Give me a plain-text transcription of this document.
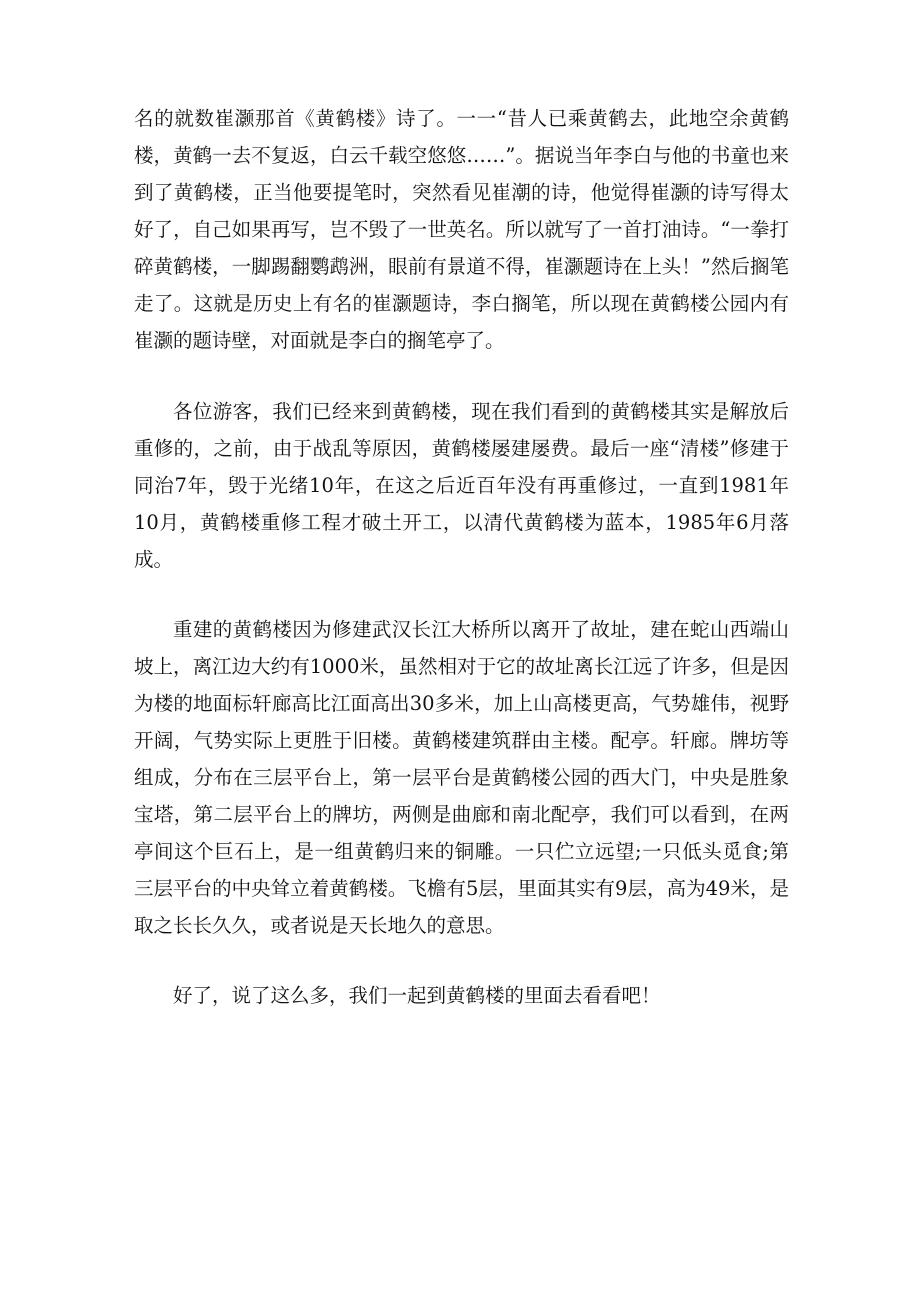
名的就数崔灏那首《黄鹤楼》诗了。一一“昔人已乘黄鹤去，此地空余黄鹤楼，黄鹤一去不复返，白云千载空悠悠……”。据说当年李白与他的书童也来到了黄鹤楼，正当他要提笔时，突然看见崔潮的诗，他觉得崔灏的诗写得太好了，自己如果再写，岂不毁了一世英名。所以就写了一首打油诗。“一拳打碎黄鹤楼，一脚踢翻鹦鹉洲，眼前有景道不得，崔灏题诗在上头！”然后搁笔走了。这就是历史上有名的崔灏题诗，李白搁笔，所以现在黄鹤楼公园内有崔灏的题诗壁，对面就是李白的搁笔亭了。

各位游客，我们已经来到黄鹤楼，现在我们看到的黄鹤楼其实是解放后重修的，之前，由于战乱等原因，黄鹤楼屡建屡费。最后一座“清楼”修建于同治7年，毁于光绪10年，在这之后近百年没有再重修过，一直到1981年10月，黄鹤楼重修工程才破土开工，以清代黄鹤楼为蓝本，1985年6月落成。

重建的黄鹤楼因为修建武汉长江大桥所以离开了故址，建在蛇山西端山坡上，离江边大约有1000米，虽然相对于它的故址离长江远了许多，但是因为楼的地面标轩廊高比江面高出30多米，加上山高楼更高，气势雄伟，视野开阔，气势实际上更胜于旧楼。黄鹤楼建筑群由主楼。配亭。轩廊。牌坊等组成，分布在三层平台上，第一层平台是黄鹤楼公园的西大门，中央是胜象宝塔，第二层平台上的牌坊，两侧是曲廊和南北配亭，我们可以看到，在两亭间这个巨石上，是一组黄鹤归来的铜雕。一只伫立远望;一只低头觅食;第三层平台的中央耸立着黄鹤楼。飞檐有5层，里面其实有9层，高为49米，是取之长长久久，或者说是天长地久的意思。

好了，说了这么多，我们一起到黄鹤楼的里面去看看吧！
